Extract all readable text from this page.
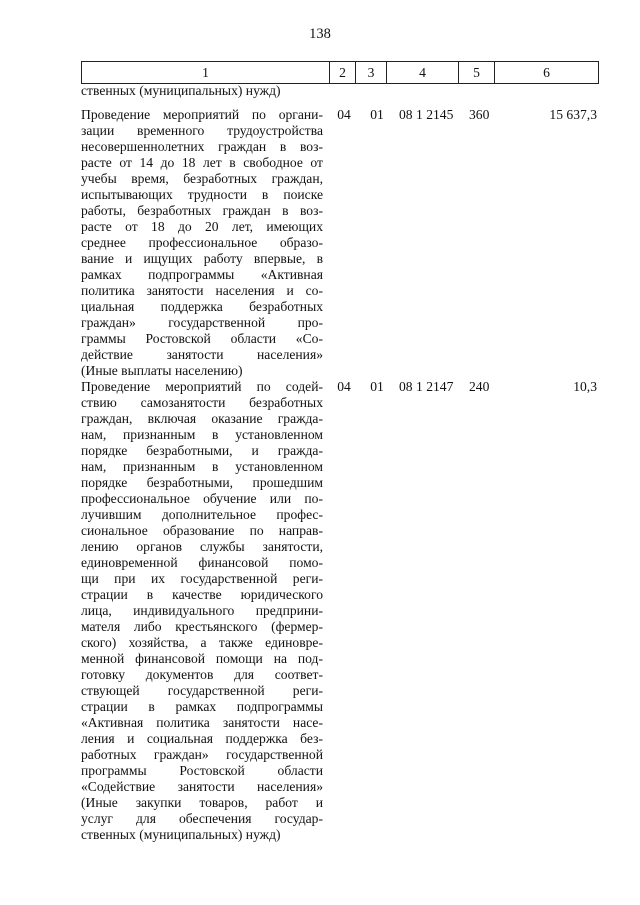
138
1	2	3	4	5	6
ственных (муниципальных) нужд)
Проведение мероприятий по органи-
зации временного трудоустройства
несовершеннолетних граждан в воз-
расте от 14 до 18 лет в свободное от
учебы время, безработных граждан,
испытывающих трудности в поиске
работы, безработных граждан в воз-
расте от 18 до 20 лет, имеющих
среднее профессиональное образо-
вание и ищущих работу впервые, в
рамках подпрограммы «Активная
политика занятости населения и со-
циальная поддержка безработных
граждан» государственной про-
граммы Ростовской области «Со-
действие занятости населения»
(Иные выплаты населению)
04	01	08 1 2145	360	15 637,3
Проведение мероприятий по содей-
ствию самозанятости безработных
граждан, включая оказание гражда-
нам, признанным в установленном
порядке безработными, и гражда-
нам, признанным в установленном
порядке безработными, прошедшим
профессиональное обучение или по-
лучившим дополнительное профес-
сиональное образование по направ-
лению органов службы занятости,
единовременной финансовой помо-
щи при их государственной реги-
страции в качестве юридического
лица, индивидуального предприни-
мателя либо крестьянского (фермер-
ского) хозяйства, а также единовре-
менной финансовой помощи на под-
готовку документов для соответ-
ствующей государственной реги-
страции в рамках подпрограммы
«Активная политика занятости насе-
ления и социальная поддержка без-
работных граждан» государственной
программы Ростовской области
«Содействие занятости населения»
(Иные закупки товаров, работ и
услуг для обеспечения государ-
ственных (муниципальных) нужд)
04	01	08 1 2147	240	10,3
